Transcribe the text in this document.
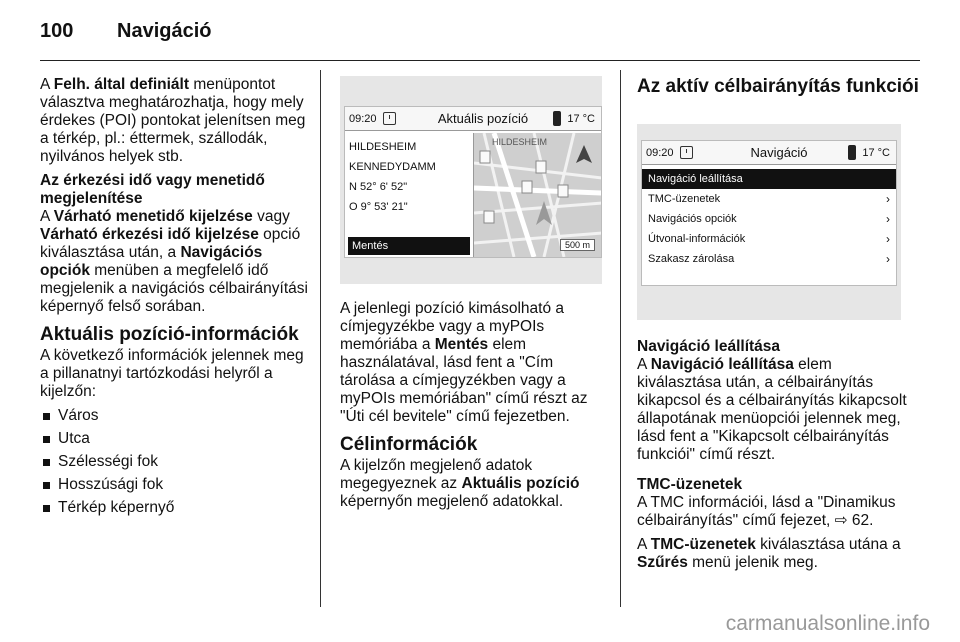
100 Navigáció

A Felh. által definiált menüpontot választva meghatározhatja, hogy mely érdekes (POI) pontokat jelenítsen meg a térkép, pl.: éttermek, szállodák, nyilvános helyek stb.

Az érkezési idő vagy menetidő megjelenítése

A Várható menetidő kijelzése vagy Várható érkezési idő kijelzése opció kiválasztása után, a Navigációs opciók menüben a megfelelő idő megjelenik a navigációs célbairányítási képernyő felső sorában.

Aktuális pozíció-információk

A következő információk jelennek meg a pillanatnyi tartózkodási helyről a kijelzőn:

Város
Utca
Szélességi fok
Hosszúsági fok
Térkép képernyő
09:20	Aktuális pozíció	17 °C
HILDESHEIM
KENNEDYDAMM
N 52° 6' 52"
O 9° 53' 21"
Mentés
HILDESHEIM
500 m

A jelenlegi pozíció kimásolható a címjegyzékbe vagy a myPOIs memóriába a Mentés elem használatával, lásd fent a "Cím tárolása a címjegyzékben vagy a myPOIs memóriában" című részt az "Úti cél bevitele" című fejezetben.

Célinformációk

A kijelzőn megjelenő adatok megegyeznek az Aktuális pozíció képernyőn megjelenő adatokkal.

Az aktív célbairányítás funkciói
09:20	Navigáció	17 °C
Navigáció leállítása
TMC-üzenetek	›
Navigációs opciók	›
Útvonal-információk	›
Szakasz zárolása	›
Navigáció leállítása

A Navigáció leállítása elem kiválasztása után, a célbairányítás kikapcsol és a célbairányítás kikapcsolt állapotának menüopciói jelennek meg, lásd fent a "Kikapcsolt célbairányítás funkciói" című részt.

TMC-üzenetek

A TMC információi, lásd a "Dinamikus célbairányítás" című fejezet, ⇨ 62.

A TMC-üzenetek kiválasztása utána a Szűrés menü jelenik meg.

carmanualsonline.info
